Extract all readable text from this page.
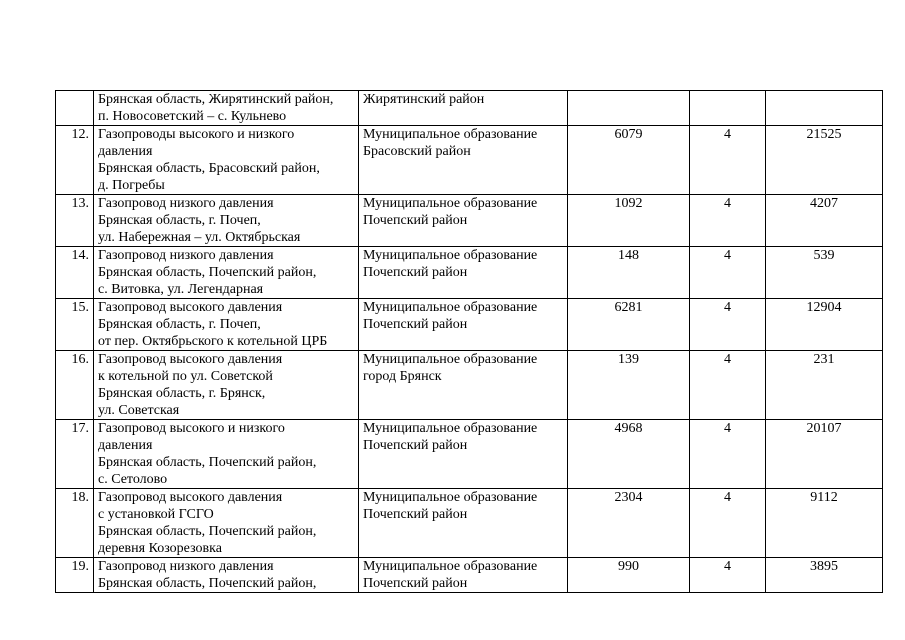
	Брянская область, Жирятинский район,
п. Новосоветский – с. Кульнево	Жирятинский район			

12.	Газопроводы высокого и низкого
давления
Брянская область, Брасовский район,
д. Погребы	Муниципальное образование
Брасовский район	6079	4	21525
13.	Газопровод низкого давления
Брянская область, г. Почеп,
ул. Набережная – ул. Октябрьская	Муниципальное образование
Почепский район	1092	4	4207
14.	Газопровод низкого давления
Брянская область, Почепский район,
с. Витовка, ул. Легендарная	Муниципальное образование
Почепский район	148	4	539
15.	Газопровод высокого давления
Брянская область, г. Почеп,
от пер. Октябрьского к котельной ЦРБ	Муниципальное образование
Почепский район	6281	4	12904
16.	Газопровод высокого давления
к котельной по ул. Советской
Брянская область, г. Брянск,
ул. Советская	Муниципальное образование
город Брянск	139	4	231
17.	Газопровод высокого и низкого
давления
Брянская область, Почепский район,
с. Сетолово	Муниципальное образование
Почепский район	4968	4	20107
18.	Газопровод высокого давления
с установкой ГСГО
Брянская область, Почепский район,
деревня Козорезовка	Муниципальное образование
Почепский район	2304	4	9112
19.	Газопровод низкого давления
Брянская область, Почепский район,	Муниципальное образование
Почепский район	990	4	3895
